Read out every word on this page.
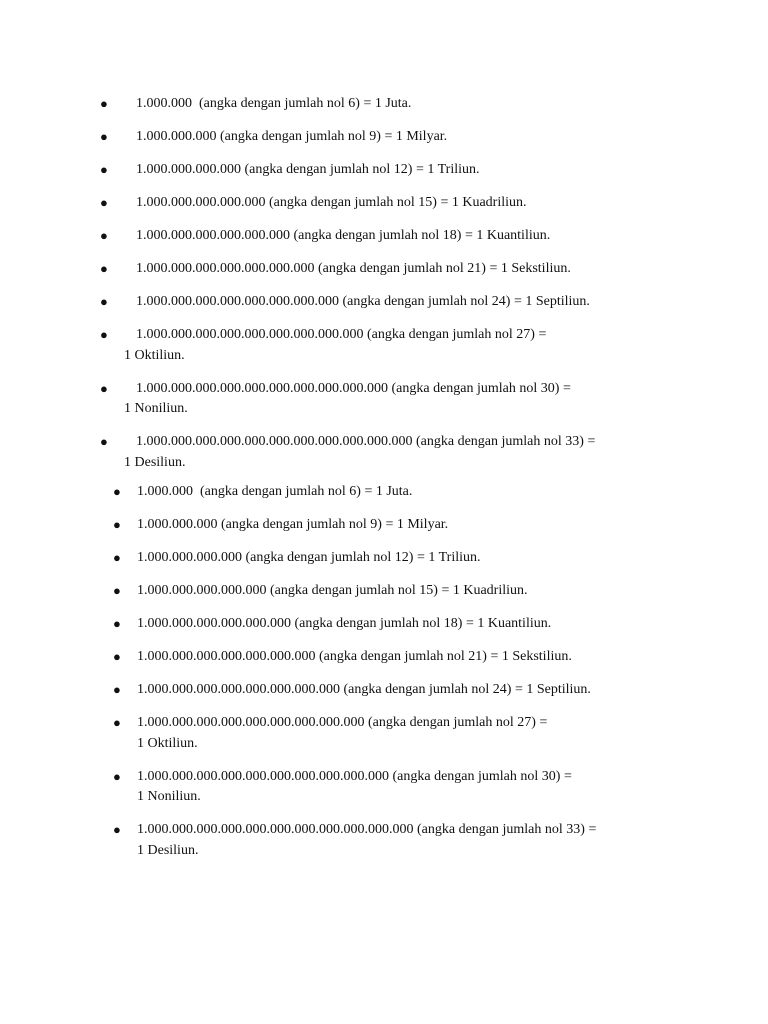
●	1.000.000  (angka dengan jumlah nol 6) = 1 Juta.
●	1.000.000.000 (angka dengan jumlah nol 9) = 1 Milyar.
●	1.000.000.000.000 (angka dengan jumlah nol 12) = 1 Triliun.
●	1.000.000.000.000.000 (angka dengan jumlah nol 15) = 1 Kuadriliun.
●	1.000.000.000.000.000.000 (angka dengan jumlah nol 18) = 1 Kuantiliun.
●	1.000.000.000.000.000.000.000 (angka dengan jumlah nol 21) = 1 Sekstiliun.
●	1.000.000.000.000.000.000.000.000 (angka dengan jumlah nol 24) = 1 Septiliun.
●	1.000.000.000.000.000.000.000.000.000 (angka dengan jumlah nol 27) =
1 Oktiliun.
●	1.000.000.000.000.000.000.000.000.000.000 (angka dengan jumlah nol 30) =
1 Noniliun.
●	1.000.000.000.000.000.000.000.000.000.000.000 (angka dengan jumlah nol 33) =
1 Desiliun.
● 1.000.000  (angka dengan jumlah nol 6) = 1 Juta.
● 1.000.000.000 (angka dengan jumlah nol 9) = 1 Milyar.
● 1.000.000.000.000 (angka dengan jumlah nol 12) = 1 Triliun.
● 1.000.000.000.000.000 (angka dengan jumlah nol 15) = 1 Kuadriliun.
● 1.000.000.000.000.000.000 (angka dengan jumlah nol 18) = 1 Kuantiliun.
● 1.000.000.000.000.000.000.000 (angka dengan jumlah nol 21) = 1 Sekstiliun.
● 1.000.000.000.000.000.000.000.000 (angka dengan jumlah nol 24) = 1 Septiliun.
● 1.000.000.000.000.000.000.000.000.000 (angka dengan jumlah nol 27) =
1 Oktiliun.
● 1.000.000.000.000.000.000.000.000.000.000 (angka dengan jumlah nol 30) =
1 Noniliun.
● 1.000.000.000.000.000.000.000.000.000.000.000 (angka dengan jumlah nol 33) =
1 Desiliun.
